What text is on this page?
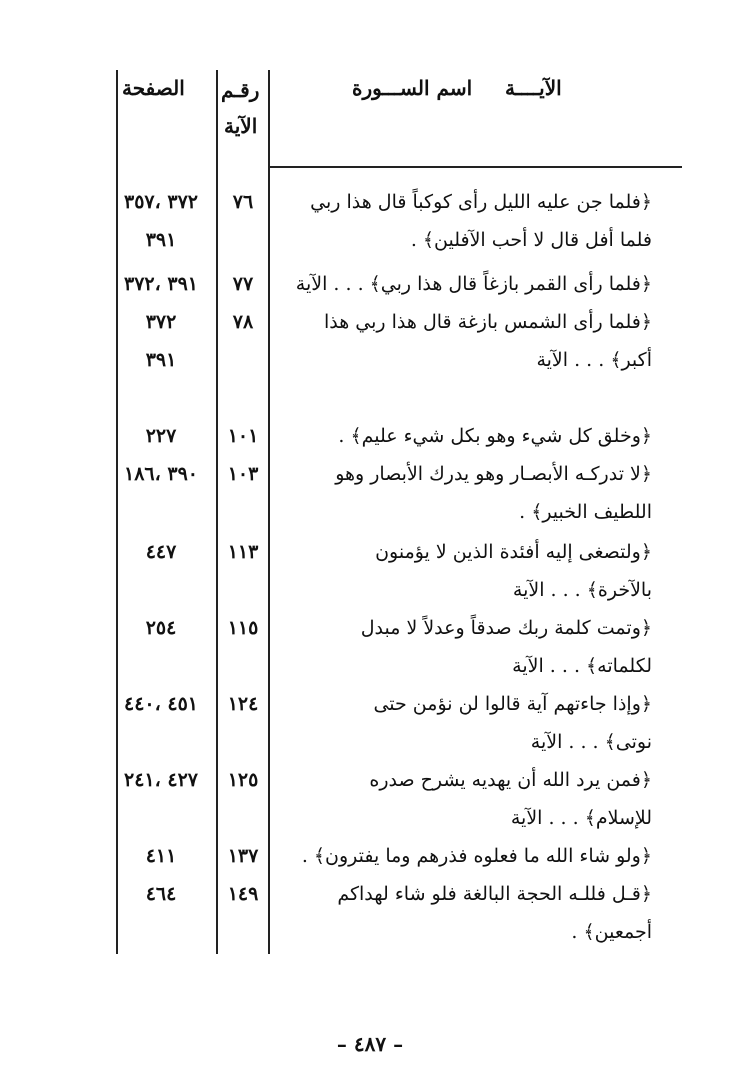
الآيــــة
اسم الســـورة
رقـم
الآية
الصفحة
﴿فلما جن عليه الليل رأى كوكباً قال هذا ربي
٧٦
٣٧٢ ،٣٥٧
فلما أفل قال لا أحب الآفلين﴾ .
٣٩١
﴿فلما رأى القمر بازغاً قال هذا ربي﴾ . . . الآية
٧٧
٣٩١ ،٣٧٢
﴿فلما رأى الشمس بازغة قال هذا ربي هذا
٧٨
٣٧٢
أكبر﴾ . . . الآية
٣٩١
﴿وخلق كل شيء وهو بكل شيء عليم﴾ .
١٠١
٢٢٧
﴿لا تدركـه الأبصـار وهو يدرك الأبصار وهو
١٠٣
٣٩٠ ،١٨٦
اللطيف الخبير﴾ .
﴿ولتصغى إليه أفئدة الذين لا يؤمنون
١١٣
٤٤٧
بالآخرة﴾ . . . الآية
﴿وتمت كلمة ربك صدقاً وعدلاً لا مبدل
١١٥
٢٥٤
لكلماته﴾ . . . الآية
﴿وإذا جاءتهم آية قالوا لن نؤمن حتى
١٢٤
٤٥١ ،٤٤٠
نوتى﴾ . . . الآية
﴿فمن يرد الله أن يهديه يشرح صدره
١٢٥
٤٢٧ ،٢٤١
للإسلام﴾ . . . الآية
﴿ولو شاء الله ما فعلوه فذرهم وما يفترون﴾ .
١٣٧
٤١١
﴿قـل فللـه الحجة البالغة فلو شاء لهداكم
١٤٩
٤٦٤
أجمعين﴾ .
– ٤٨٧ –
